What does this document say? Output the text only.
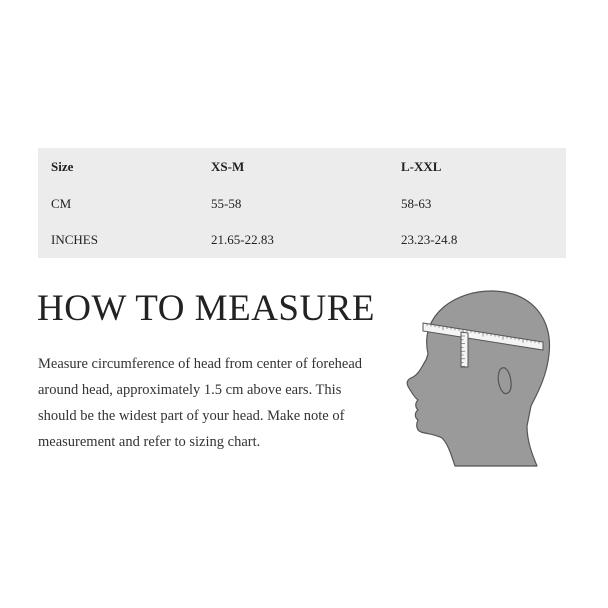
Size	XS-M	L-XXL
CM	55-58	58-63
INCHES	21.65-22.83	23.23-24.8
HOW TO MEASURE

Measure circumference of head from center of forehead around head, approximately 1.5 cm above ears. This should be the widest part of your head. Make note of measurement and refer to sizing chart.
